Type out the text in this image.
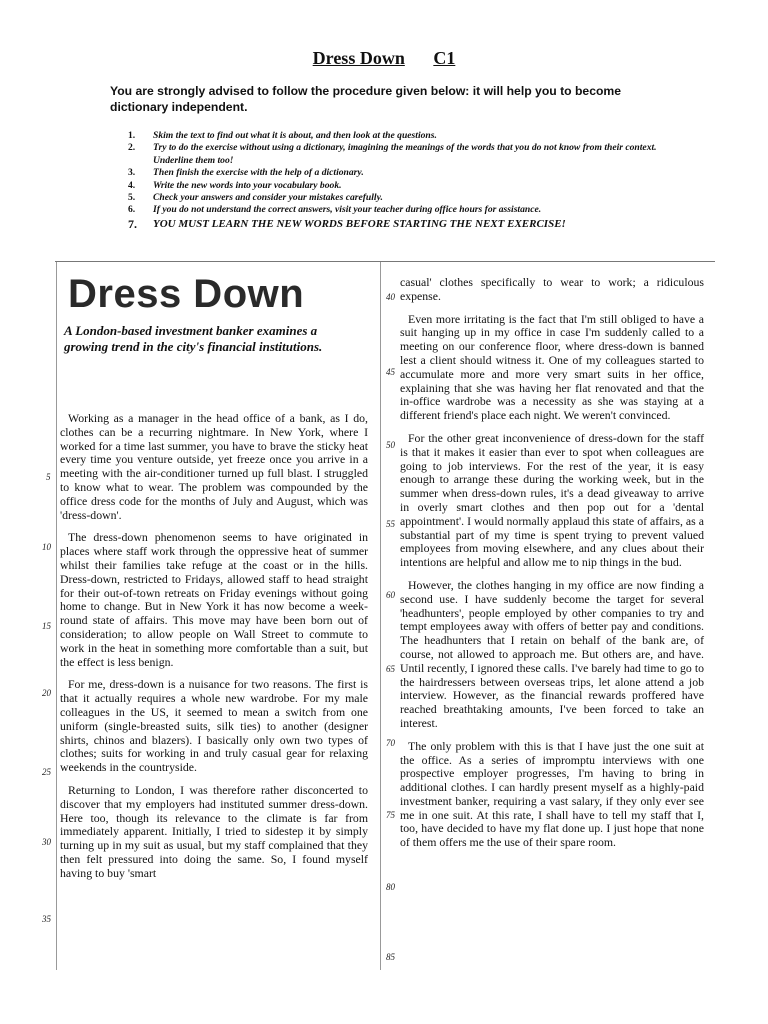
Dress Down C1
You are strongly advised to follow the procedure given below: it will help you to become dictionary independent.
1. Skim the text to find out what it is about, and then look at the questions.
2. Try to do the exercise without using a dictionary, imagining the meanings of the words that you do not know from their context. Underline them too!
3. Then finish the exercise with the help of a dictionary.
4. Write the new words into your vocabulary book.
5. Check your answers and consider your mistakes carefully.
6. If you do not understand the correct answers, visit your teacher during office hours for assistance.
7. YOU MUST LEARN THE NEW WORDS BEFORE STARTING THE NEXT EXERCISE!
Dress Down
A London-based investment banker examines a growing trend in the city's financial institutions.

Working as a manager in the head office of a bank, as I do, clothes can be a recurring nightmare. In New York, where I worked for a time last summer, you have to brave the sticky heat every time you venture outside, yet freeze once you arrive in a meeting with the air-conditioner turned up full blast. I struggled to know what to wear. The problem was compounded by the office dress code for the months of July and August, which was 'dress-down'.

The dress-down phenomenon seems to have originated in places where staff work through the oppressive heat of summer whilst their families take refuge at the coast or in the hills. Dress-down, restricted to Fridays, allowed staff to head straight for their out-of-town retreats on Friday evenings without going home to change. But in New York it has now become a week-round state of affairs. This move may have been born out of consideration; to allow people on Wall Street to commute to work in the heat in something more comfortable than a suit, but the effect is less benign.

For me, dress-down is a nuisance for two reasons. The first is that it actually requires a whole new wardrobe. For my male colleagues in the US, it seemed to mean a switch from one uniform (single-breasted suits, silk ties) to another (designer shirts, chinos and blazers). I basically only own two types of clothes; suits for working in and truly casual gear for relaxing weekends in the countryside.

Returning to London, I was therefore rather disconcerted to discover that my employers had instituted summer dress-down. Here too, though its relevance to the climate is far from immediately apparent. Initially, I tried to sidestep it by simply turning up in my suit as usual, but my staff complained that they then felt pressured into doing the same. So, I found myself having to buy 'smart

casual' clothes specifically to wear to work; a ridiculous expense.

Even more irritating is the fact that I'm still obliged to have a suit hanging up in my office in case I'm suddenly called to a meeting on our conference floor, where dress-down is banned lest a client should witness it. One of my colleagues started to accumulate more and more very smart suits in her office, explaining that she was having her flat renovated and that the in-office wardrobe was a necessity as she was staying at a different friend's place each night. We weren't convinced.

For the other great inconvenience of dress-down for the staff is that it makes it easier than ever to spot when colleagues are going to job interviews. For the rest of the year, it is easy enough to arrange these during the working week, but in the summer when dress-down rules, it's a dead giveaway to arrive in overly smart clothes and then pop out for a 'dental appointment'. I would normally applaud this state of affairs, as a substantial part of my time is spent trying to prevent valued employees from moving elsewhere, and any clues about their intentions are helpful and allow me to nip things in the bud.

However, the clothes hanging in my office are now finding a second use. I have suddenly become the target for several 'headhunters', people employed by other companies to try and tempt employees away with offers of better pay and conditions. The headhunters that I retain on behalf of the bank are, of course, not allowed to approach me. But others are, and have. Until recently, I ignored these calls. I've barely had time to go to the hairdressers between overseas trips, let alone attend a job interview. However, as the financial rewards proffered have reached breathtaking amounts, I've been forced to take an interest.

The only problem with this is that I have just the one suit at the office. As a series of impromptu interviews with one prospective employer progresses, I'm having to bring in additional clothes. I can hardly present myself as a highly-paid investment banker, requiring a vast salary, if they only ever see me in one suit. At this rate, I shall have to tell my staff that I, too, have decided to have my flat done up. I just hope that none of them offers me the use of their spare room.

5
10
15
20
25
30
35
40
45
50
55
60
65
70
75
80
85
